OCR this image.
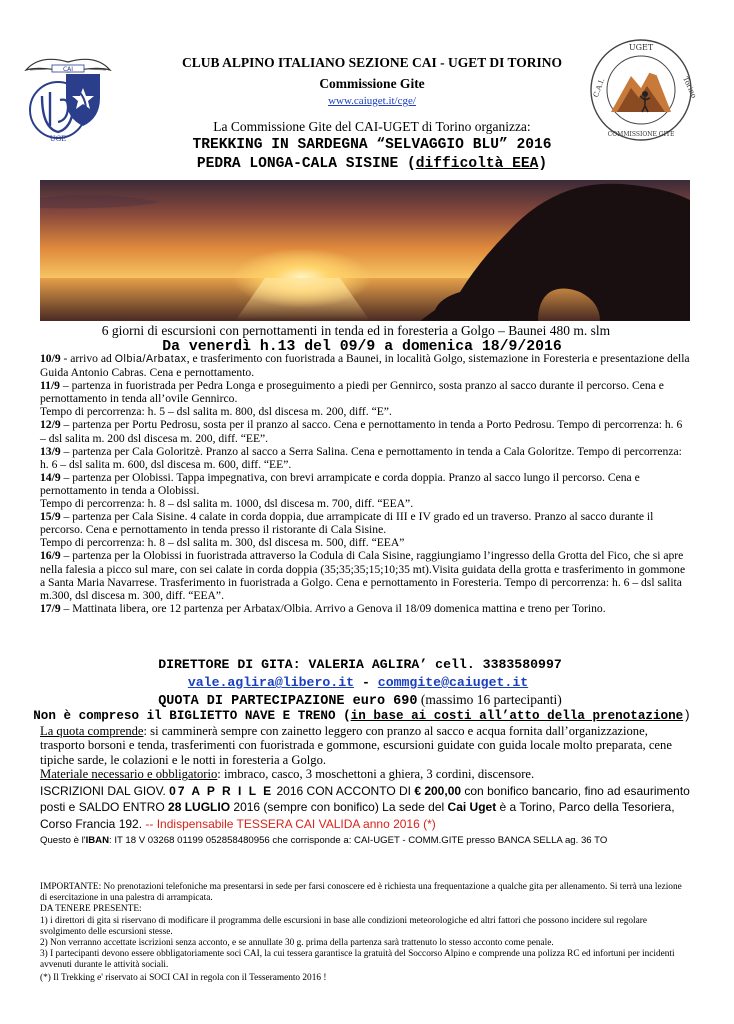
CAI
UGE
UGET
C.A.I.	Torino
COMMISSIONE GITE
CLUB ALPINO ITALIANO SEZIONE CAI - UGET DI TORINO
Commissione Gite
www.caiuget.it/cge/
La Commissione Gite del CAI-UGET di Torino organizza:
TREKKING IN SARDEGNA “SELVAGGIO BLU” 2016
PEDRA LONGA-CALA SISINE (difficoltà EEA)
6 giorni di escursioni con pernottamenti in tenda ed in foresteria a Golgo – Baunei 480 m. slm
Da venerdì h.13 del 09/9 a domenica 18/9/2016

10/9 - arrivo ad Olbia/Arbatax, e trasferimento con fuoristrada a Baunei, in località Golgo, sistemazione in Foresteria e presentazione della Guida Antonio Cabras. Cena e pernottamento.

11/9 – partenza in fuoristrada per Pedra Longa e proseguimento a piedi per Gennirco, sosta pranzo al sacco durante il percorso. Cena e pernottamento in tenda all’ovile Gennirco.

Tempo di percorrenza: h. 5 – dsl salita m. 800, dsl discesa m. 200, diff. “E”.

12/9 – partenza per Portu Pedrosu, sosta per il pranzo al sacco. Cena e pernottamento in tenda a Porto Pedrosu. Tempo di percorrenza: h. 6 – dsl salita m. 200 dsl discesa m. 200, diff. “EE”.

13/9 – partenza per Cala Goloritzè. Pranzo al sacco a Serra Salina. Cena e pernottamento in tenda a Cala Goloritze. Tempo di percorrenza: h. 6 – dsl salita m. 600, dsl discesa m. 600, diff. “EE”.

14/9 – partenza per Olobissi. Tappa impegnativa, con brevi arrampicate e corda doppia. Pranzo al sacco lungo il percorso. Cena e pernottamento in tenda a Olobissi.

Tempo di percorrenza: h. 8 – dsl salita m. 1000, dsl discesa m. 700, diff. “EEA”.

15/9 – partenza per Cala Sisine. 4 calate in corda doppia, due arrampicate di III e IV grado ed un traverso. Pranzo al sacco durante il percorso. Cena e pernottamento in tenda presso il ristorante di Cala Sisine.

Tempo di percorrenza: h. 8 – dsl salita m. 300, dsl discesa m. 500, diff. “EEA”

16/9 – partenza per la Olobissi in fuoristrada attraverso la Codula di Cala Sisine, raggiungiamo l’ingresso della Grotta del Fico, che si apre nella falesia a picco sul mare, con sei calate in corda doppia (35;35;35;15;10;35 mt).Visita guidata della grotta e trasferimento in gommone a Santa Maria Navarrese. Trasferimento in fuoristrada a Golgo. Cena e pernottamento in Foresteria. Tempo di percorrenza: h. 6 – dsl salita m.300, dsl discesa m. 300, diff. “EEA”.

17/9 – Mattinata libera, ore 12 partenza per Arbatax/Olbia. Arrivo a Genova il 18/09 domenica mattina e treno per Torino.

DIRETTORE DI GITA: VALERIA AGLIRA’ cell. 3383580997
vale.aglira@libero.it - commgite@caiuget.it
QUOTA DI PARTECIPAZIONE euro 690 (massimo 16 partecipanti)
Non è compreso il BIGLIETTO NAVE E TRENO (in base ai costi all’atto della prenotazione)

La quota comprende: si camminerà sempre con zainetto leggero con pranzo al sacco e acqua fornita dall’organizzazione, trasporto borsoni e tenda, trasferimenti con fuoristrada e gommone, escursioni guidate con guida locale molto preparata, cene tipiche sarde, le colazioni e le notti in foresteria a Golgo.

Materiale necessario e obbligatorio: imbraco, casco, 3 moschettoni a ghiera, 3 cordini, discensore.

ISCRIZIONI DAL GIOV. 07 A P R I L E 2016 CON ACCONTO DI € 200,00 con bonifico bancario, fino ad esaurimento posti e SALDO ENTRO 28 LUGLIO 2016 (sempre con bonifico) La sede del Cai Uget è a Torino, Parco della Tesoriera, Corso Francia 192. -- Indispensabile TESSERA CAI VALIDA anno 2016 (*)

Questo è l'IBAN: IT 18 V 03268 01199 052858480956 che corrisponde a: CAI-UGET - COMM.GITE presso BANCA SELLA ag. 36 TO

IMPORTANTE: No prenotazioni telefoniche ma presentarsi in sede per farsi conoscere ed è richiesta una frequentazione a qualche gita per allenamento. Si terrà una lezione di esercitazione in una palestra di arrampicata.

DA TENERE PRESENTE:

1) i direttori di gita si riservano di modificare il programma delle escursioni in base alle condizioni meteorologiche ed altri fattori che possono incidere sul regolare svolgimento delle escursioni stesse.

2) Non verranno accettate iscrizioni senza acconto, e se annullate 30 g. prima della partenza sarà trattenuto lo stesso acconto come penale.

3) I partecipanti devono essere obbligatoriamente soci CAI, la cui tessera garantisce la gratuità del Soccorso Alpino e comprende una polizza RC ed infortuni per incidenti avvenuti durante le attività sociali.

(*) Il Trekking e' riservato ai SOCI CAI in regola con il Tesseramento 2016 !
